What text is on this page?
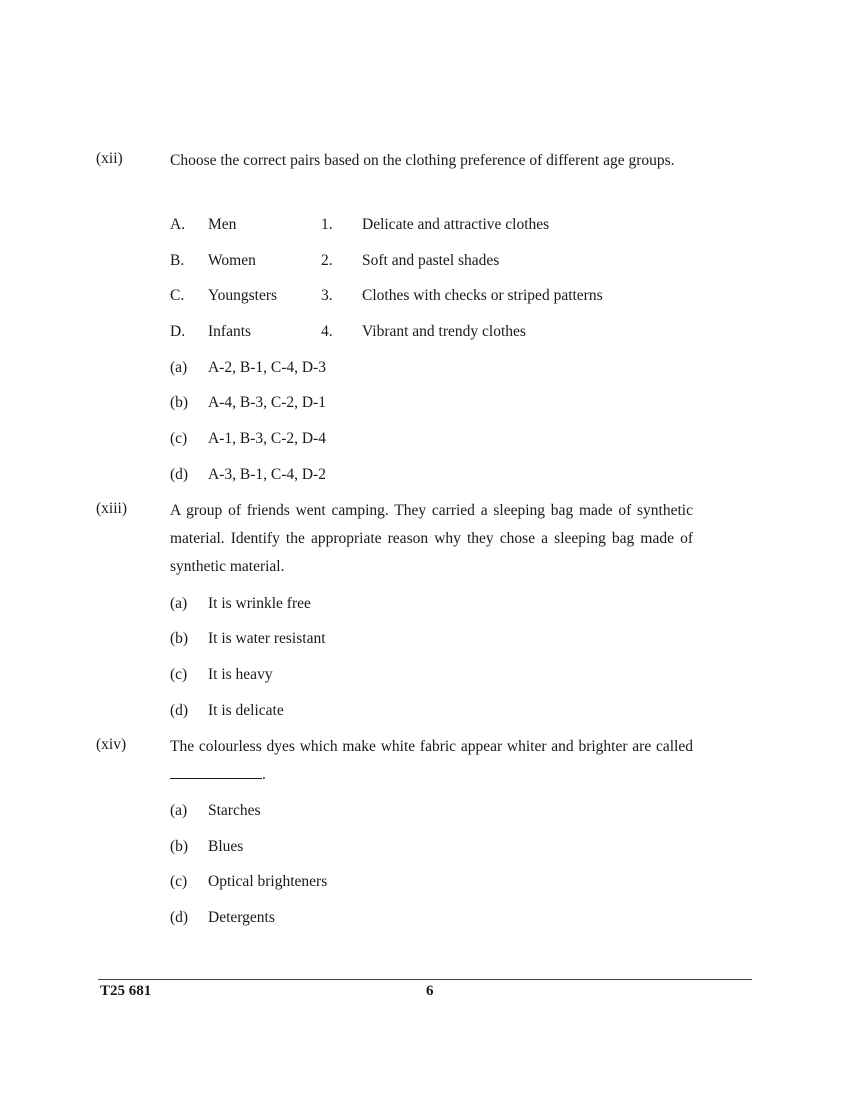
(xii)	Choose the correct pairs based on the clothing preference of different age groups.
A. Men	1. Delicate and attractive clothes
B. Women	2. Soft and pastel shades
C. Youngsters	3. Clothes with checks or striped patterns
D. Infants	4. Vibrant and trendy clothes
(a) A-2, B-1, C-4, D-3
(b) A-4, B-3, C-2, D-1
(c) A-1, B-3, C-2, D-4
(d) A-3, B-1, C-4, D-2
(xiii)	A group of friends went camping. They carried a sleeping bag made of synthetic material. Identify the appropriate reason why they chose a sleeping bag made of synthetic material.
(a) It is wrinkle free
(b) It is water resistant
(c) It is heavy
(d) It is delicate
(xiv)	The colourless dyes which make white fabric appear whiter and brighter are called .
(a) Starches
(b) Blues
(c) Optical brighteners
(d) Detergents
T25 681	6
